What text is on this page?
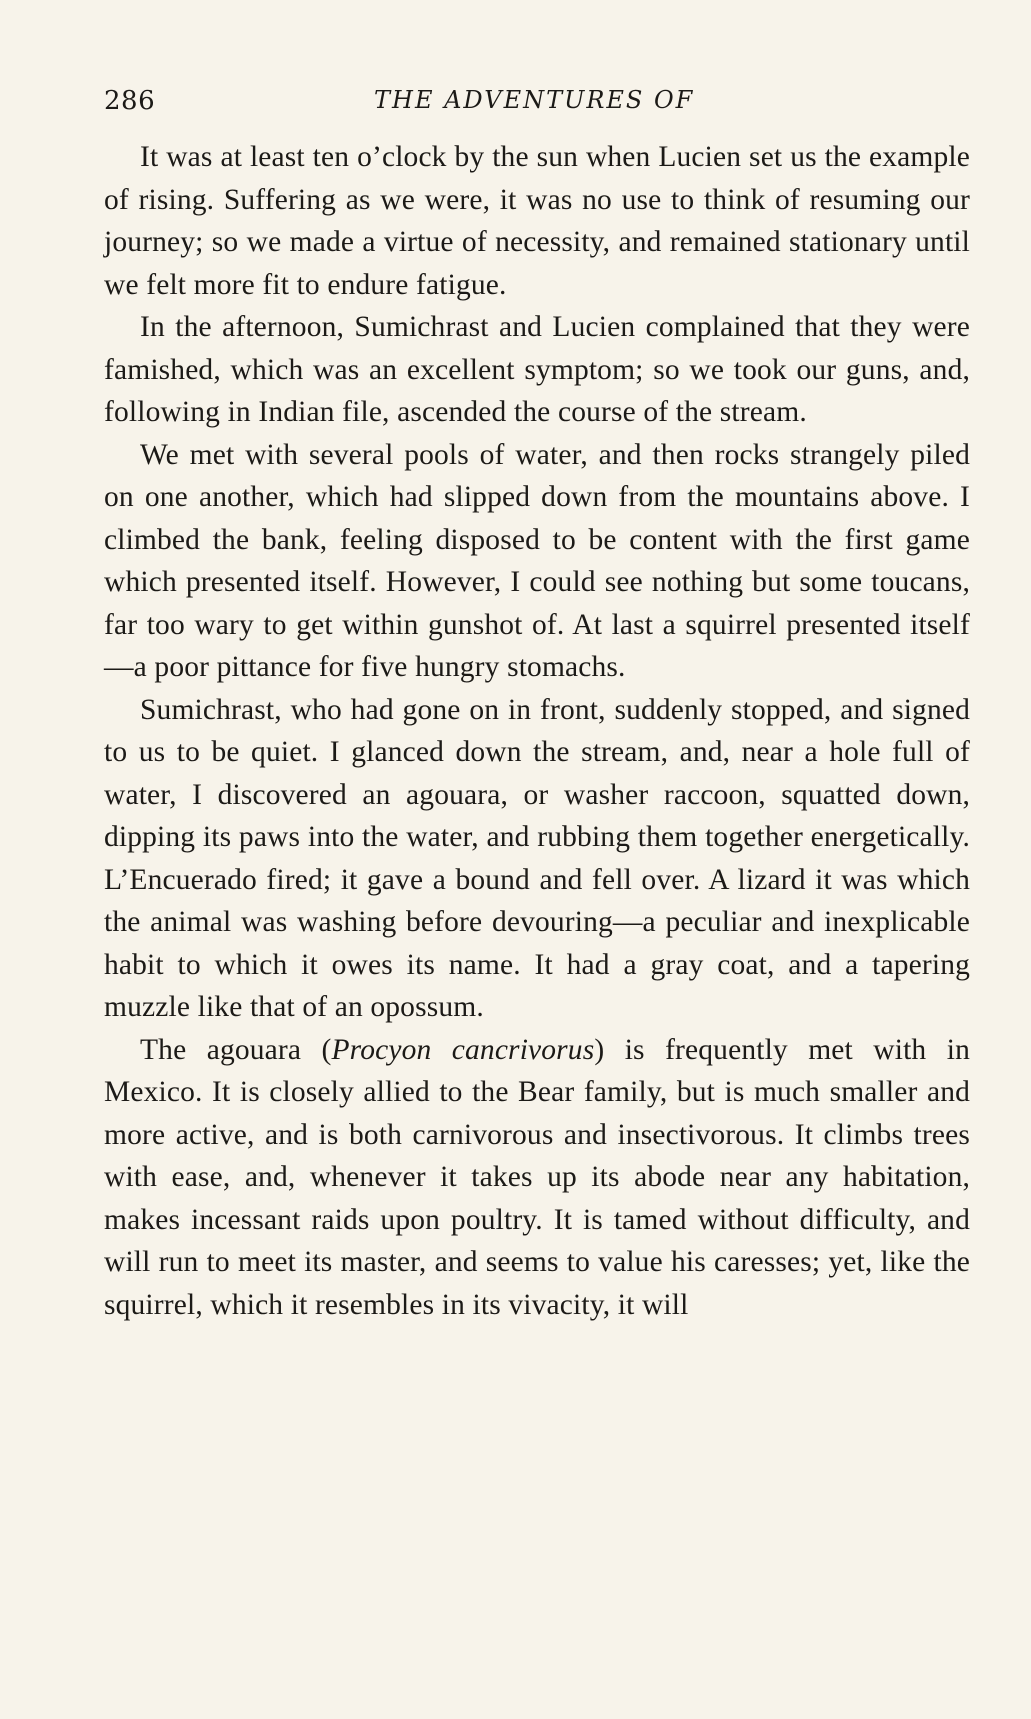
286	THE ADVENTURES OF

It was at least ten o’clock by the sun when Lucien set us the example of rising. Suffering as we were, it was no use to think of resuming our journey; so we made a virtue of necessity, and remained stationary until we felt more fit to endure fatigue.

In the afternoon, Sumichrast and Lucien complained that they were famished, which was an excellent symptom; so we took our guns, and, following in Indian file, ascended the course of the stream.

We met with several pools of water, and then rocks strangely piled on one another, which had slipped down from the mountains above. I climbed the bank, feeling disposed to be content with the first game which presented itself. However, I could see nothing but some toucans, far too wary to get within gunshot of. At last a squirrel presented itself—a poor pittance for five hungry stomachs.

Sumichrast, who had gone on in front, suddenly stopped, and signed to us to be quiet. I glanced down the stream, and, near a hole full of water, I discovered an agouara, or washer raccoon, squatted down, dipping its paws into the water, and rubbing them together energetically. L’Encuerado fired; it gave a bound and fell over. A lizard it was which the animal was washing before devouring—a peculiar and inexplicable habit to which it owes its name. It had a gray coat, and a tapering muzzle like that of an opossum.

The agouara (Procyon cancrivorus) is frequently met with in Mexico. It is closely allied to the Bear family, but is much smaller and more active, and is both carnivorous and insectivorous. It climbs trees with ease, and, whenever it takes up its abode near any habitation, makes incessant raids upon poultry. It is tamed without difficulty, and will run to meet its master, and seems to value his caresses; yet, like the squirrel, which it resembles in its vivacity, it will
